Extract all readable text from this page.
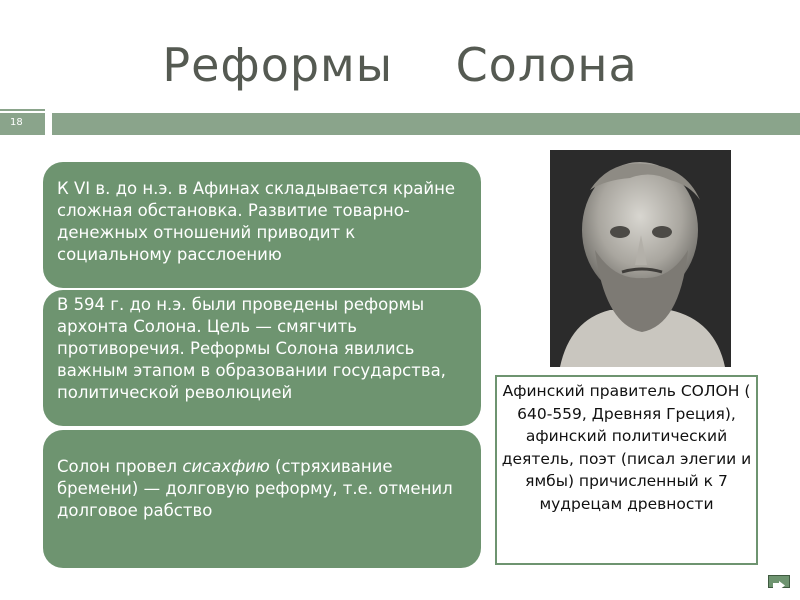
Реформы    Солона
18
К VI в. до н.э. в Афинах складывается крайне сложная обстановка. Развитие товарно-денежных отношений приводит к социальному расслоению
В 594 г. до н.э. были проведены реформы архонта Солона. Цель — смягчить противоречия. Реформы Солона явились важным этапом в образовании государства, политической революцией
Солон провел сисахфию (стряхивание бремени) — долговую реформу, т.е. отменил долговое рабство
Афинский правитель СОЛОН ( 640-559, Древняя Греция), афинский политический деятель, поэт (писал элегии и ямбы) причисленный к 7 мудрецам древности
